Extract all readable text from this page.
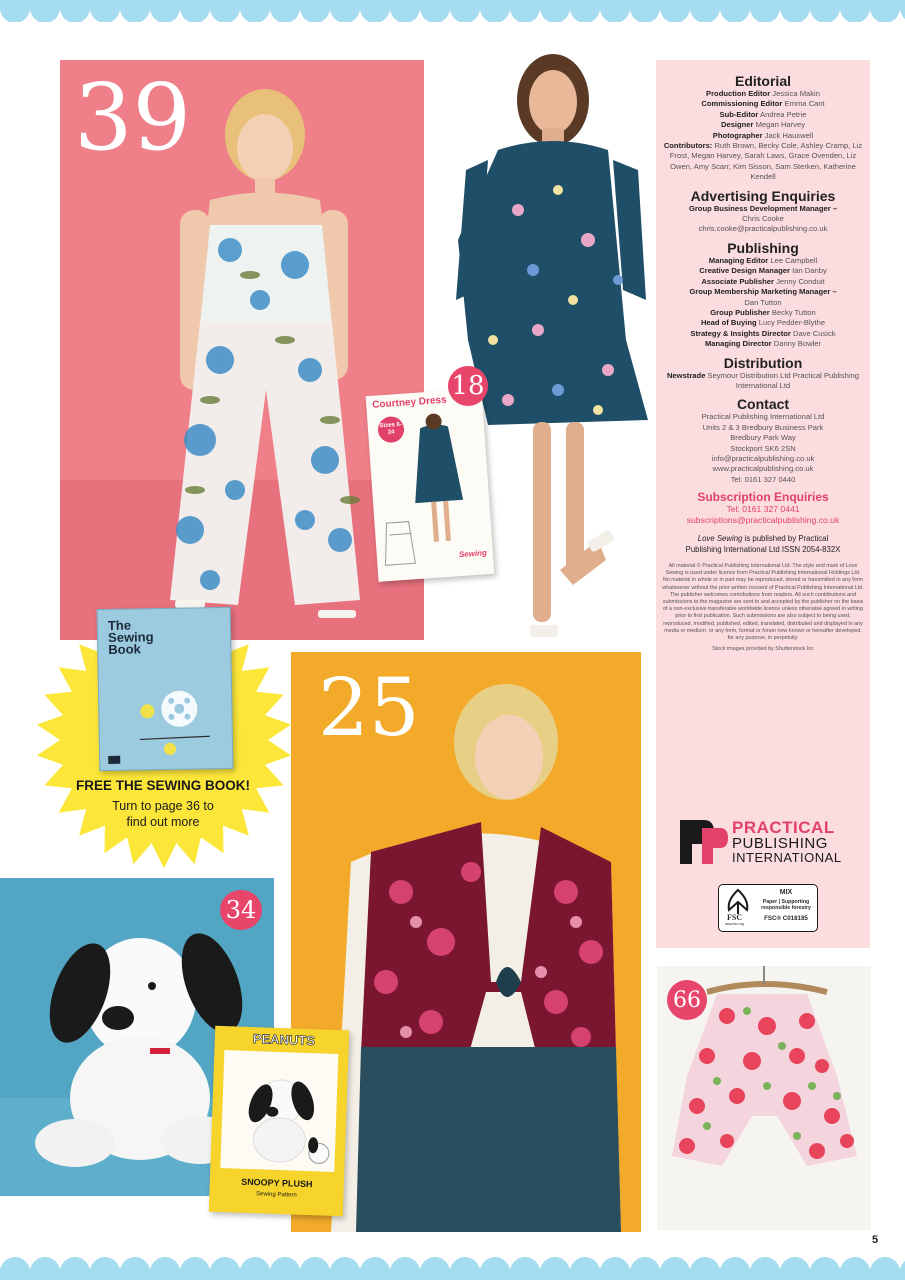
39
Courtney Dress
Sizes 6-24
Sewing
18

Editorial

Production Editor Jessica Makin

Commissioning Editor Emma Cant

Sub-Editor Andrea Petrie

Designer Megan Harvey

Photographer Jack Hauxwell

Contributors: Ruth Brown, Becky Cole, Ashley Cramp, Liz Frost, Megan Harvey, Sarah Laws, Grace Ovenden, Liz Owen, Amy Scarr, Kim Sisson, Sam Sterken, Katherine Kendell

Advertising Enquiries

Group Business Development Manager –

Chris Cooke

chris.cooke@practicalpublishing.co.uk

Publishing

Managing Editor Lee Campbell

Creative Design Manager Ian Danby

Associate Publisher Jenny Conduit

Group Membership Marketing Manager –

Dan Tutton

Group Publisher Becky Tutton

Head of Buying Lucy Pedder-Blythe

Strategy & Insights Director Dave Cusick

Managing Director Danny Bowler

Distribution

Newstrade Seymour Distribution Ltd Practical Publishing International Ltd

Contact

Practical Publishing International Ltd

Units 2 & 3 Bredbury Business Park

Bredbury Park Way

Stockport SK6 2SN

info@practicalpublishing.co.uk

www.practicalpublishing.co.uk

Tel: 0161 327 0440

Subscription Enquiries

Tel: 0161 327 0441

subscriptions@practicalpublishing.co.uk

Love Sewing is published by Practical

Publishing International Ltd ISSN 2054-832X

All material © Practical Publishing International Ltd. The style and mark of Love Sewing is used under licence from Practical Publishing International Holdings Ltd. No material in whole or in part may be reproduced, stored or transmitted in any form whatsoever without the prior written consent of Practical Publishing International Ltd. The publisher welcomes contributions from readers. All such contributions and submissions to the magazine are sent to and accepted by the publisher on the basis of a non-exclusive transferable worldwide licence unless otherwise agreed in writing prior to first publication. Such submissions are also subject to being used, reproduced, modified, published, edited, translated, distributed and displayed in any media or medium, or any form, format or forum now known or hereafter developed, for any purpose, in perpetuity.

Stock images provided by Shutterstock Inc

PRACTICAL
PUBLISHING
INTERNATIONAL
FSC
www.fsc.org
MIX
Paper | Supporting
responsible forestry
FSC® C018185
The Sewing Book

FREE THE SEWING BOOK!

Turn to page 36 to
find out more

25
34
PEANUTS
SNOOPY PLUSH
Sewing Pattern
66
5
